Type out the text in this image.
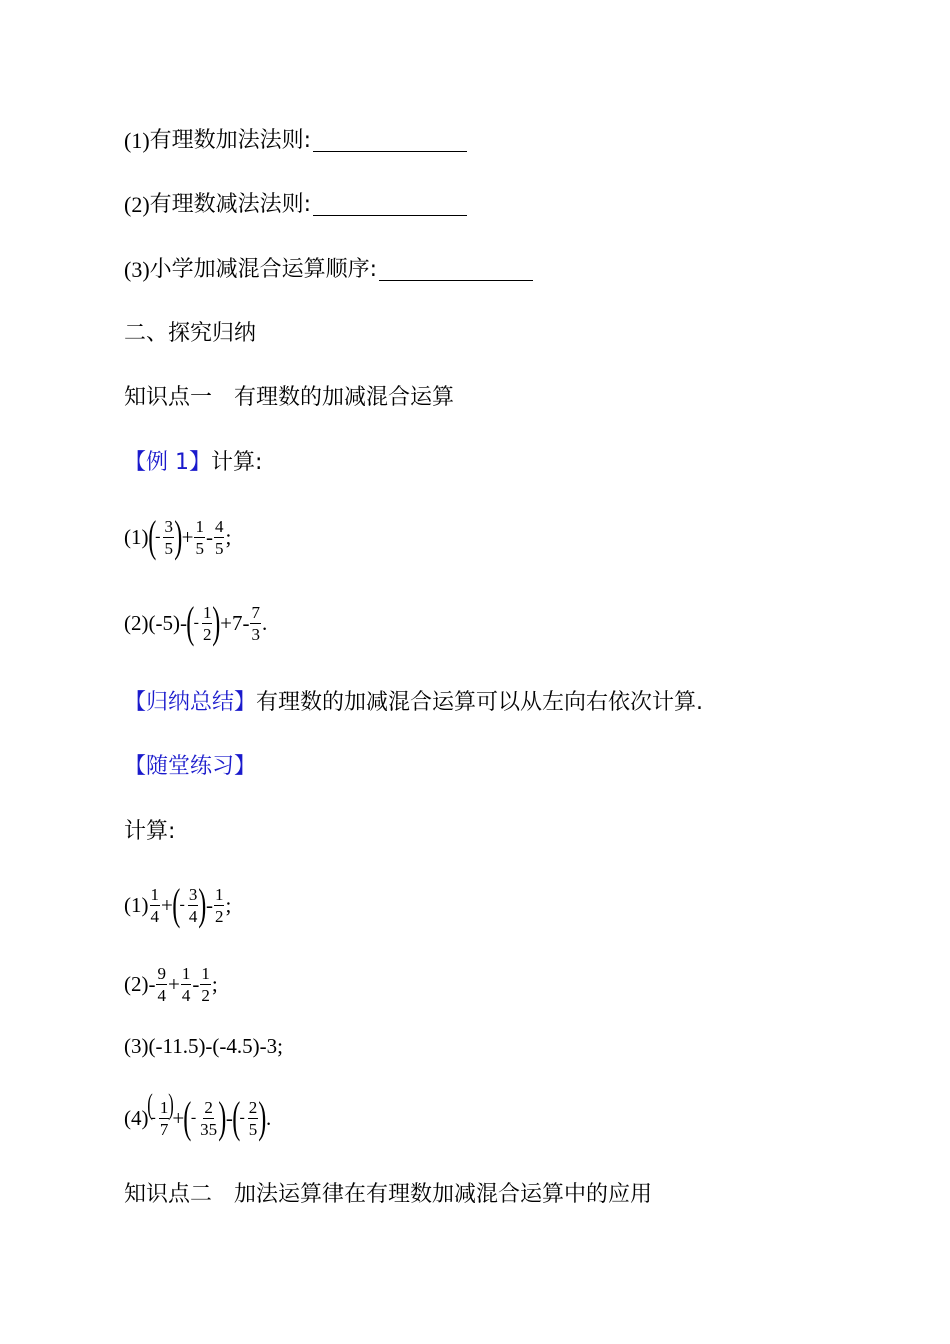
(1) 有理数加法法则:
(2) 有理数减法法则:
(3) 小学加减混合运算顺序:
二、探究归纳
知识点一　有理数的加减混合运算
【例 1】 计算:
(1) ( - $\frac{3}{5}$ ) + $\frac{1}{5} - \frac{4}{5}$ ;
(2)(-5)- ( - $\frac{1}{2}$ ) $+7- \frac{7}{3}$ .
【归纳总结】 有理数的加减混合运算可以从左向右依次计算.
【随堂练习】
计算:
$(1) \frac{1}{4}$ + ( - $\frac{3}{4}$ ) - $\frac{1}{2}$ ;
$(2)- \frac{9}{4} + \frac{1}{4} - \frac{1}{2}$ ;
(3)(-11.5)-(-4.5)-3;
(4)
(
- $\frac{1}{7}$ )
+ ( - $\frac{2}{35}$ ) - ( - $\frac{2}{5}$ ) .
知识点二　加法运算律在有理数加减混合运算中的应用
